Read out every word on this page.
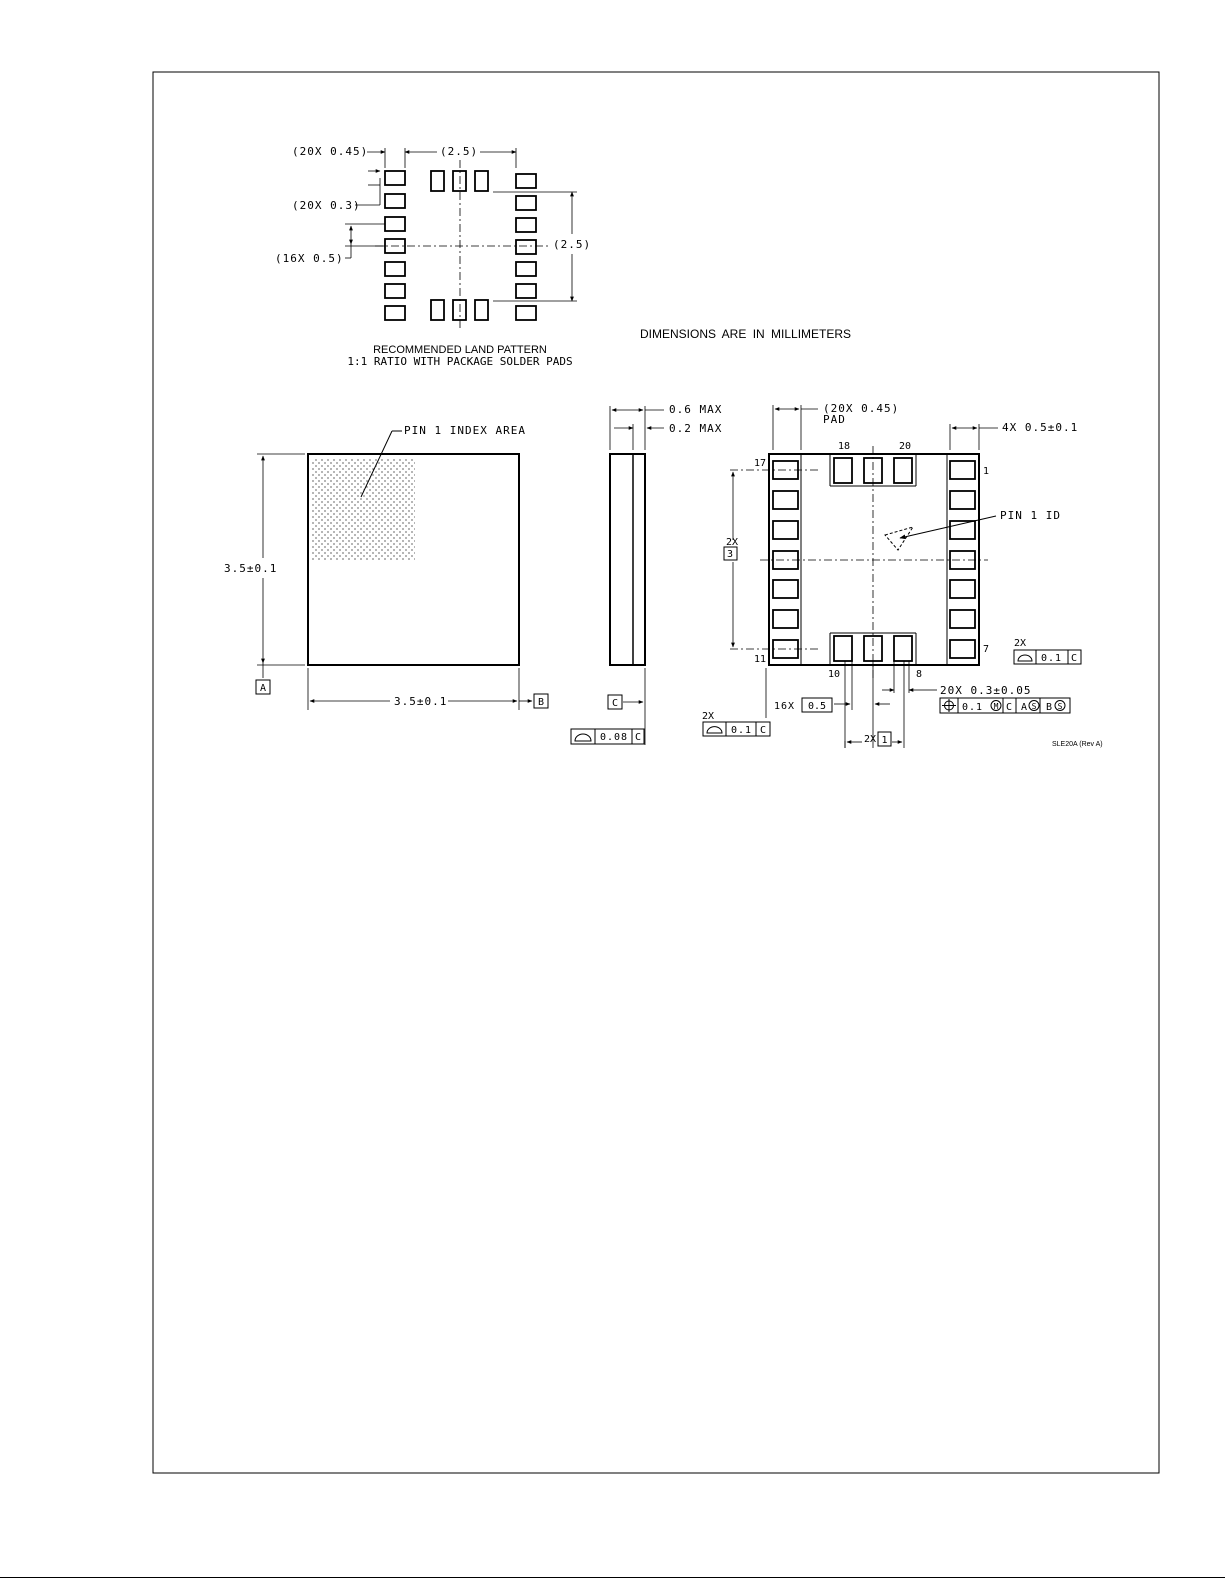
(20X 0.45)
(20X 0.3)
(16X 0.5)
(2.5)
(2.5)
RECOMMENDED LAND PATTERN
1:1 RATIO WITH PACKAGE SOLDER PADS
DIMENSIONS ARE IN MILLIMETERS
PIN 1 INDEX AREA
3.5±0.1
3.5±0.1
A
B
0.6 MAX
0.2 MAX
C
0.08 C
PIN 1 ID
17
18	20
1
7
11
10	8
(20X 0.45)
PAD
4X 0.5±0.1
2X
3
2X
0.1 C
20X 0.3±0.05
0.1 M C A S B S
16X 0.5
2X
0.1 C
2X 1	SLE20A (Rev A)
